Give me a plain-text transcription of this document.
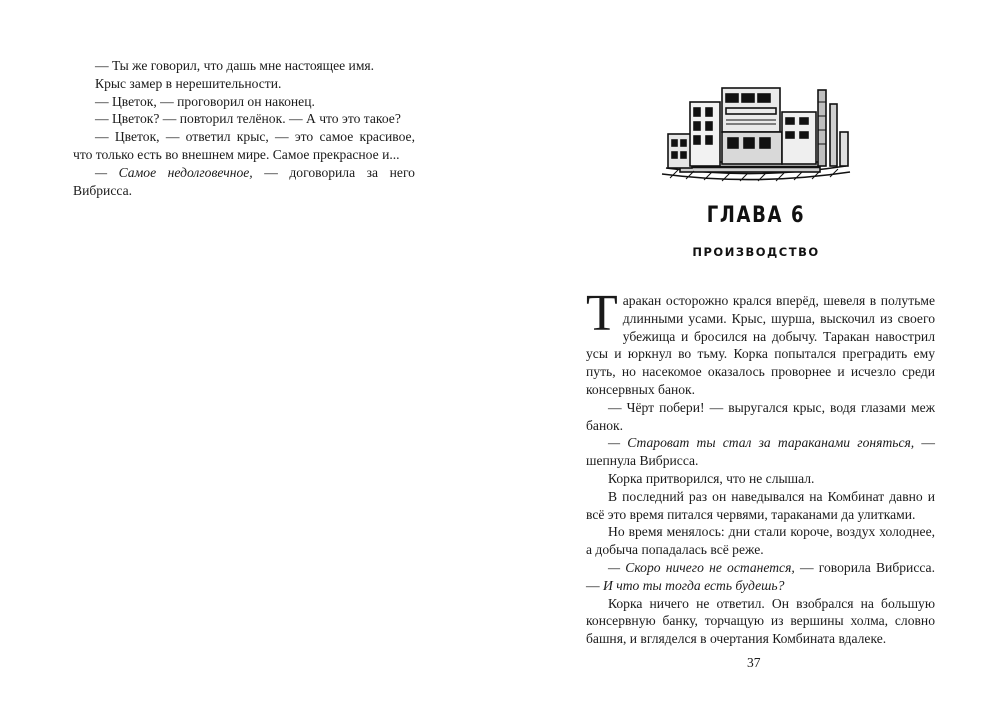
— Ты же говорил, что дашь мне настоящее имя.

Крыс замер в нерешительности.

— Цветок, — проговорил он наконец.

— Цветок? — повторил телёнок. — А что это такое?

— Цветок, — ответил крыс, — это самое красивое, что только есть во внешнем мире. Самое прекрасное и...

— Самое недолговечное, — договорила за него Вибрисса.

ГЛАВА 6
ПРОИЗВОДСТВО

Таракан осторожно крался вперёд, шевеля в полутьме длинными усами. Крыс, шурша, выскочил из своего убежища и бросился на добычу. Таракан навострил усы и юркнул во тьму. Корка попытался преградить ему путь, но насекомое оказалось проворнее и исчезло среди консервных банок.

— Чёрт побери! — выругался крыс, водя глазами меж банок.

— Староват ты стал за тараканами гоняться, — шепнула Вибрисса.

Корка притворился, что не слышал.

В последний раз он наведывался на Комбинат давно и всё это время питался червями, тараканами да улитками.

Но время менялось: дни стали короче, воздух холоднее, а добыча попадалась всё реже.

— Скоро ничего не останется, — говорила Вибрисса. — И что ты тогда есть будешь?

Корка ничего не ответил. Он взобрался на большую консервную банку, торчащую из вершины холма, словно башня, и вгляделся в очертания Комбината вдалеке.

37
